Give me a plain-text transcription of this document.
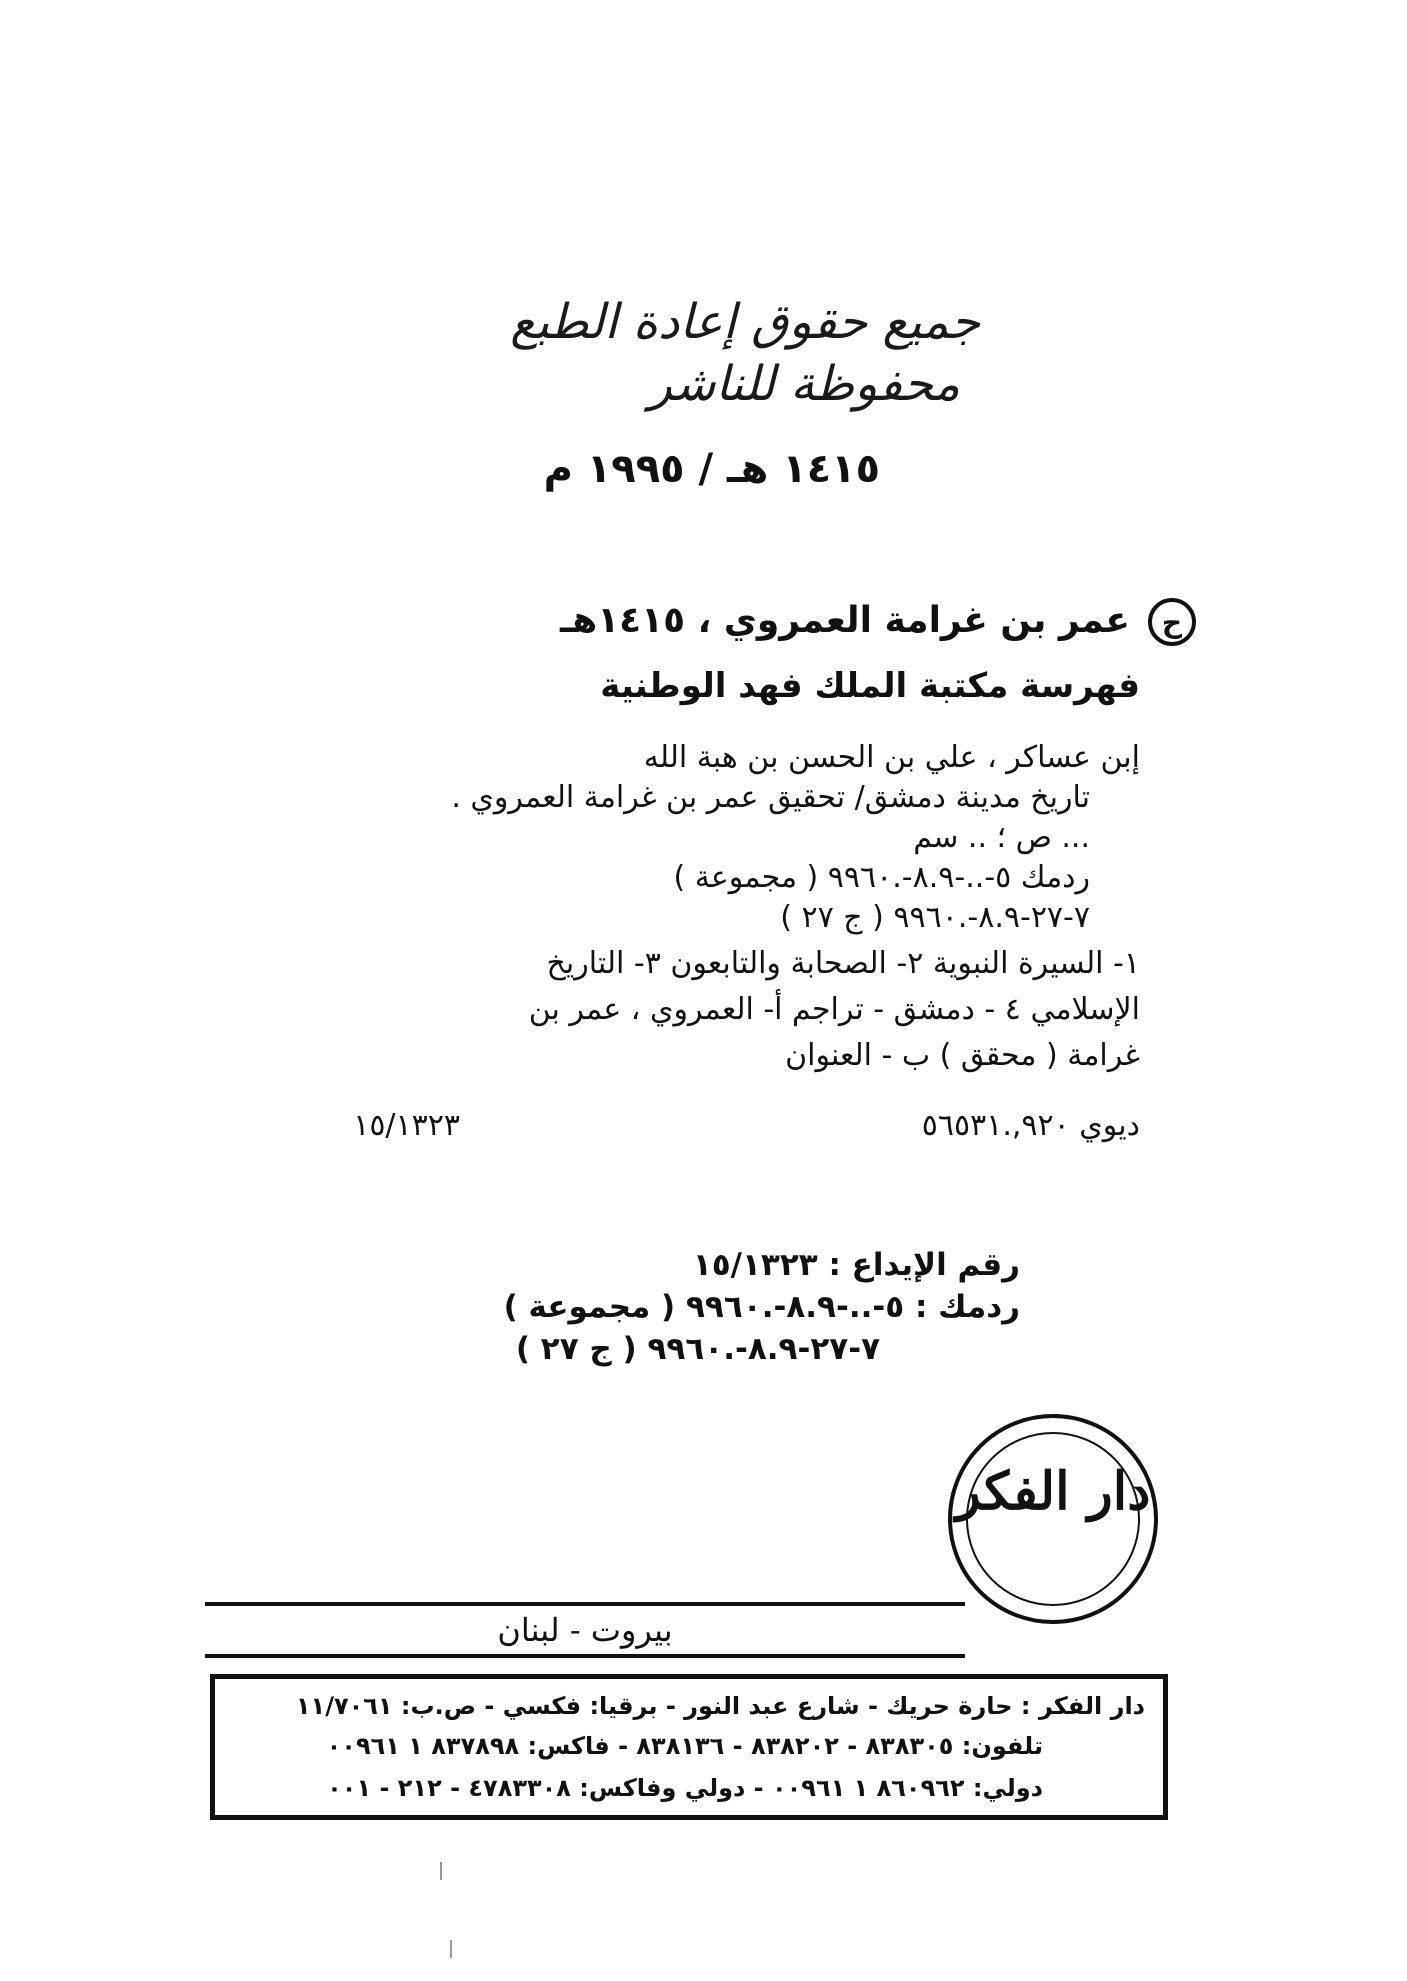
جميع حقوق إعادة الطبع
محفوظة للناشر
١٤١٥ هـ / ١٩٩٥ م
ح
عمر بن غرامة العمروي ، ١٤١٥هـ
فهرسة مكتبة الملك فهد الوطنية
إبن عساكر ، علي بن الحسن بن هبة الله
تاريخ مدينة دمشق/ تحقيق عمر بن غرامة العمروي .
... ص ؛ .. سم
ردمك ٥-..-٨.٩-.٩٩٦٠ ( مجموعة )
٧-٢٧-٨.٩-.٩٩٦٠ ( ج ٢٧ )
١- السيرة النبوية ٢- الصحابة والتابعون ٣- التاريخ
الإسلامي ٤ - دمشق - تراجم أ- العمروي ، عمر بن
غرامة ( محقق ) ب - العنوان
ديوي ٩٢٠,.٥٦٥٣١
١٥/١٣٢٣
رقم الإيداع : ١٥/١٣٢٣
ردمك : ٥-..-٨.٩-.٩٩٦٠ ( مجموعة )
٧-٢٧-٨.٩-.٩٩٦٠ ( ج ٢٧ )
دار الفكر
بيروت - لبنان
دار الفكر : حارة حريك - شارع عبد النور - برقيا: فكسي - ص.ب: ١١/٧٠٦١
تلفون: ٨٣٨٣٠٥ - ٨٣٨٢٠٢ - ٨٣٨١٣٦ - فاكس: ٨٣٧٨٩٨ ١ ٠٠٩٦١
دولي: ٨٦٠٩٦٢ ١ ٠٠٩٦١ - دولي وفاكس: ٤٧٨٣٣٠٨ - ٢١٢ - ٠٠١
